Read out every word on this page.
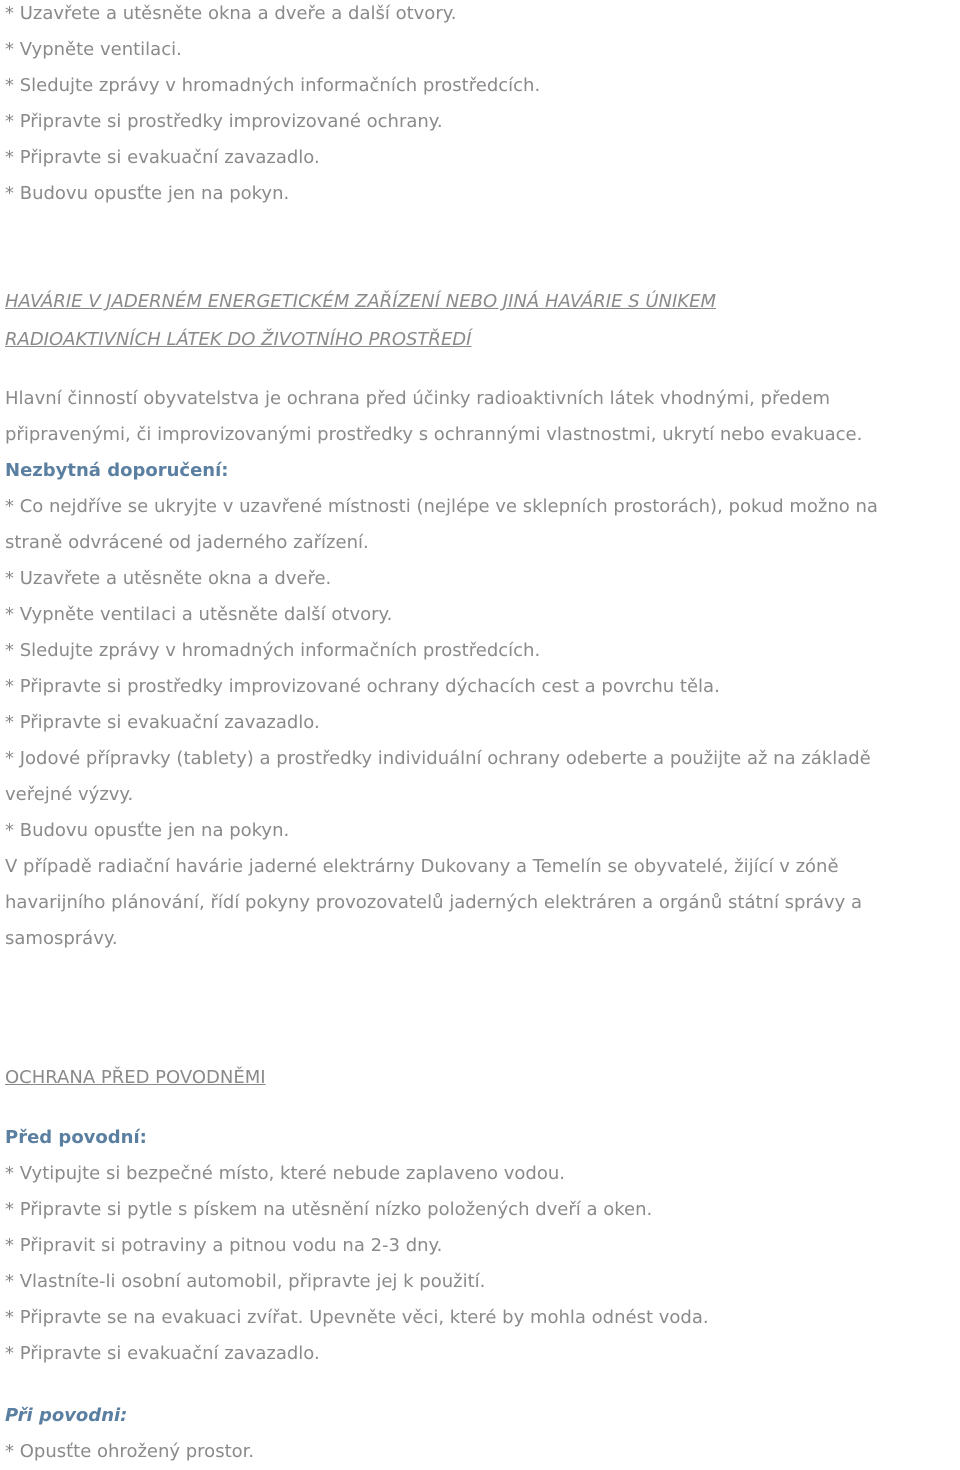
* Uzavřete a utěsněte okna a dveře a další otvory.
* Vypněte ventilaci.
* Sledujte zprávy v hromadných informačních prostředcích.
* Připravte si prostředky improvizované ochrany.
* Připravte si evakuační zavazadlo.
* Budovu opusťte jen na pokyn.
HAVÁRIE V JADERNÉM ENERGETICKÉM ZAŘÍZENÍ NEBO JINÁ HAVÁRIE S ÚNIKEM
RADIOAKTIVNÍCH LÁTEK DO ŽIVOTNÍHO PROSTŘEDÍ
Hlavní činností obyvatelstva je ochrana před účinky radioaktivních látek vhodnými, předem
připravenými, či improvizovanými prostředky s ochrannými vlastnostmi, ukrytí nebo evakuace.
Nezbytná doporučení:
* Co nejdříve se ukryjte v uzavřené místnosti (nejlépe ve sklepních prostorách), pokud možno na
straně odvrácené od jaderného zařízení.
* Uzavřete a utěsněte okna a dveře.
* Vypněte ventilaci a utěsněte další otvory.
* Sledujte zprávy v hromadných informačních prostředcích.
* Připravte si prostředky improvizované ochrany dýchacích cest a povrchu těla.
* Připravte si evakuační zavazadlo.
* Jodové přípravky (tablety) a prostředky individuální ochrany odeberte a použijte až na základě
veřejné výzvy.
* Budovu opusťte jen na pokyn.
V případě radiační havárie jaderné elektrárny Dukovany a Temelín se obyvatelé, žijící v zóně
havarijního plánování, řídí pokyny provozovatelů jaderných elektráren a orgánů státní správy a
samosprávy.
OCHRANA PŘED POVODNĚMI
Před povodní:
* Vytipujte si bezpečné místo, které nebude zaplaveno vodou.
* Připravte si pytle s pískem na utěsnění nízko položených dveří a oken.
* Připravit si potraviny a pitnou vodu na 2-3 dny.
* Vlastníte-li osobní automobil, připravte jej k použití.
* Připravte se na evakuaci zvířat. Upevněte věci, které by mohla odnést voda.
* Připravte si evakuační zavazadlo.
Při povodni:
* Opusťte ohrožený prostor.
